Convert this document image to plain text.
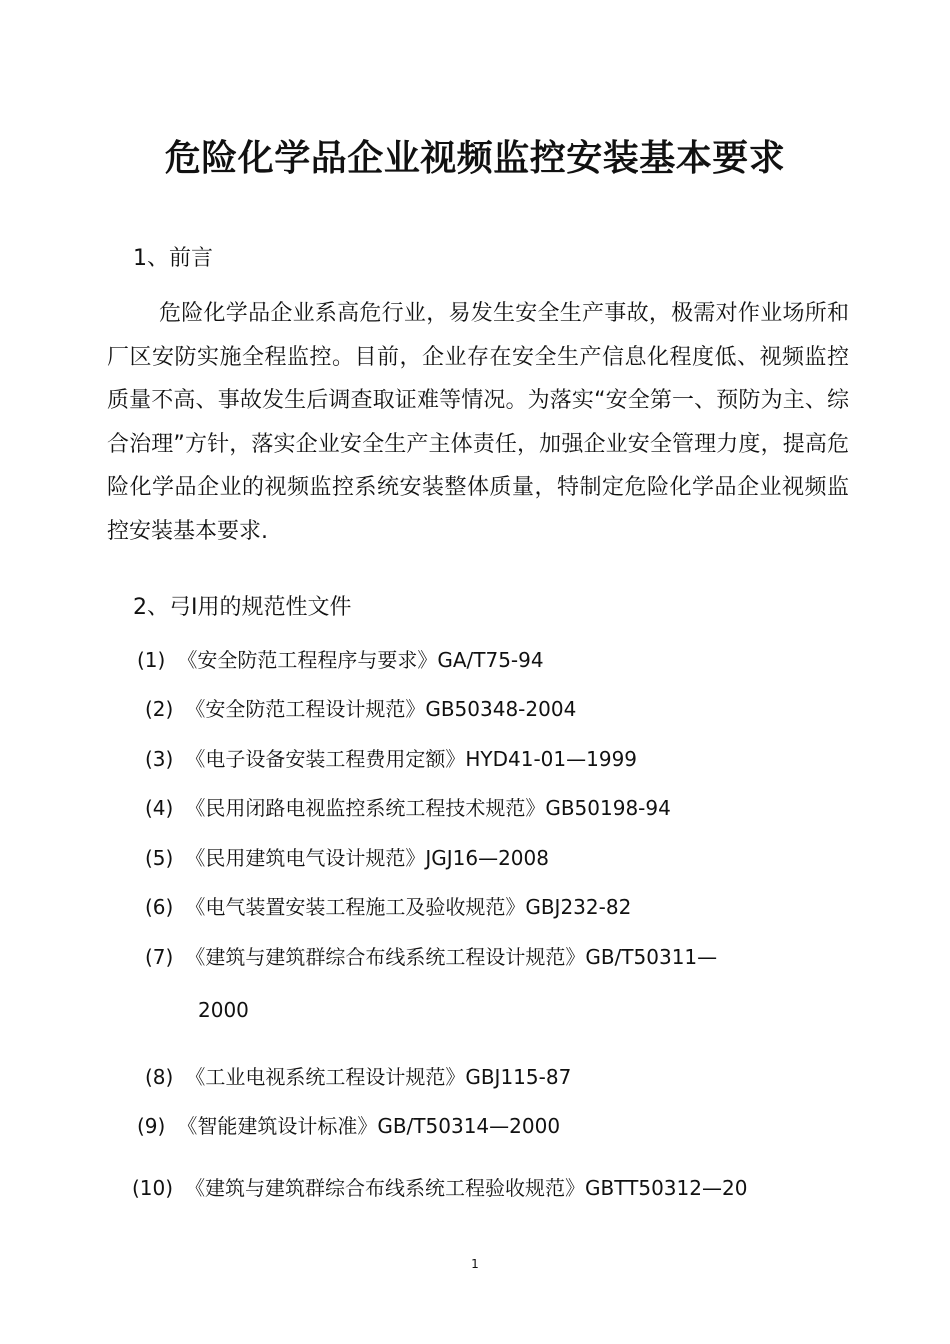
危险化学品企业视频监控安装基本要求

1、前言

危险化学品企业系高危行业，易发生安全生产事故，极需对作业场所和厂区安防实施全程监控。目前，企业存在安全生产信息化程度低、视频监控质量不高、事故发生后调查取证难等情况。为落实“安全第一、预防为主、综合治理”方针，落实企业安全生产主体责任，加强企业安全管理力度，提高危险化学品企业的视频监控系统安装整体质量，特制定危险化学品企业视频监控安装基本要求.

2、弓I用的规范性文件

(1) 《安全防范工程程序与要求》GA/T75-94

(2) 《安全防范工程设计规范》GB50348-2004

(3) 《电子设备安装工程费用定额》HYD41-01—1999

(4) 《民用闭路电视监控系统工程技术规范》GB50198-94

(5) 《民用建筑电气设计规范》JGJ16—2008

(6) 《电气装置安装工程施工及验收规范》GBJ232-82

(7) 《建筑与建筑群综合布线系统工程设计规范》GB/T50311—

2000

(8) 《工业电视系统工程设计规范》GBJ115-87

(9) 《智能建筑设计标准》GB/T50314—2000

(10) 《建筑与建筑群综合布线系统工程验收规范》GBTT50312—20

1
